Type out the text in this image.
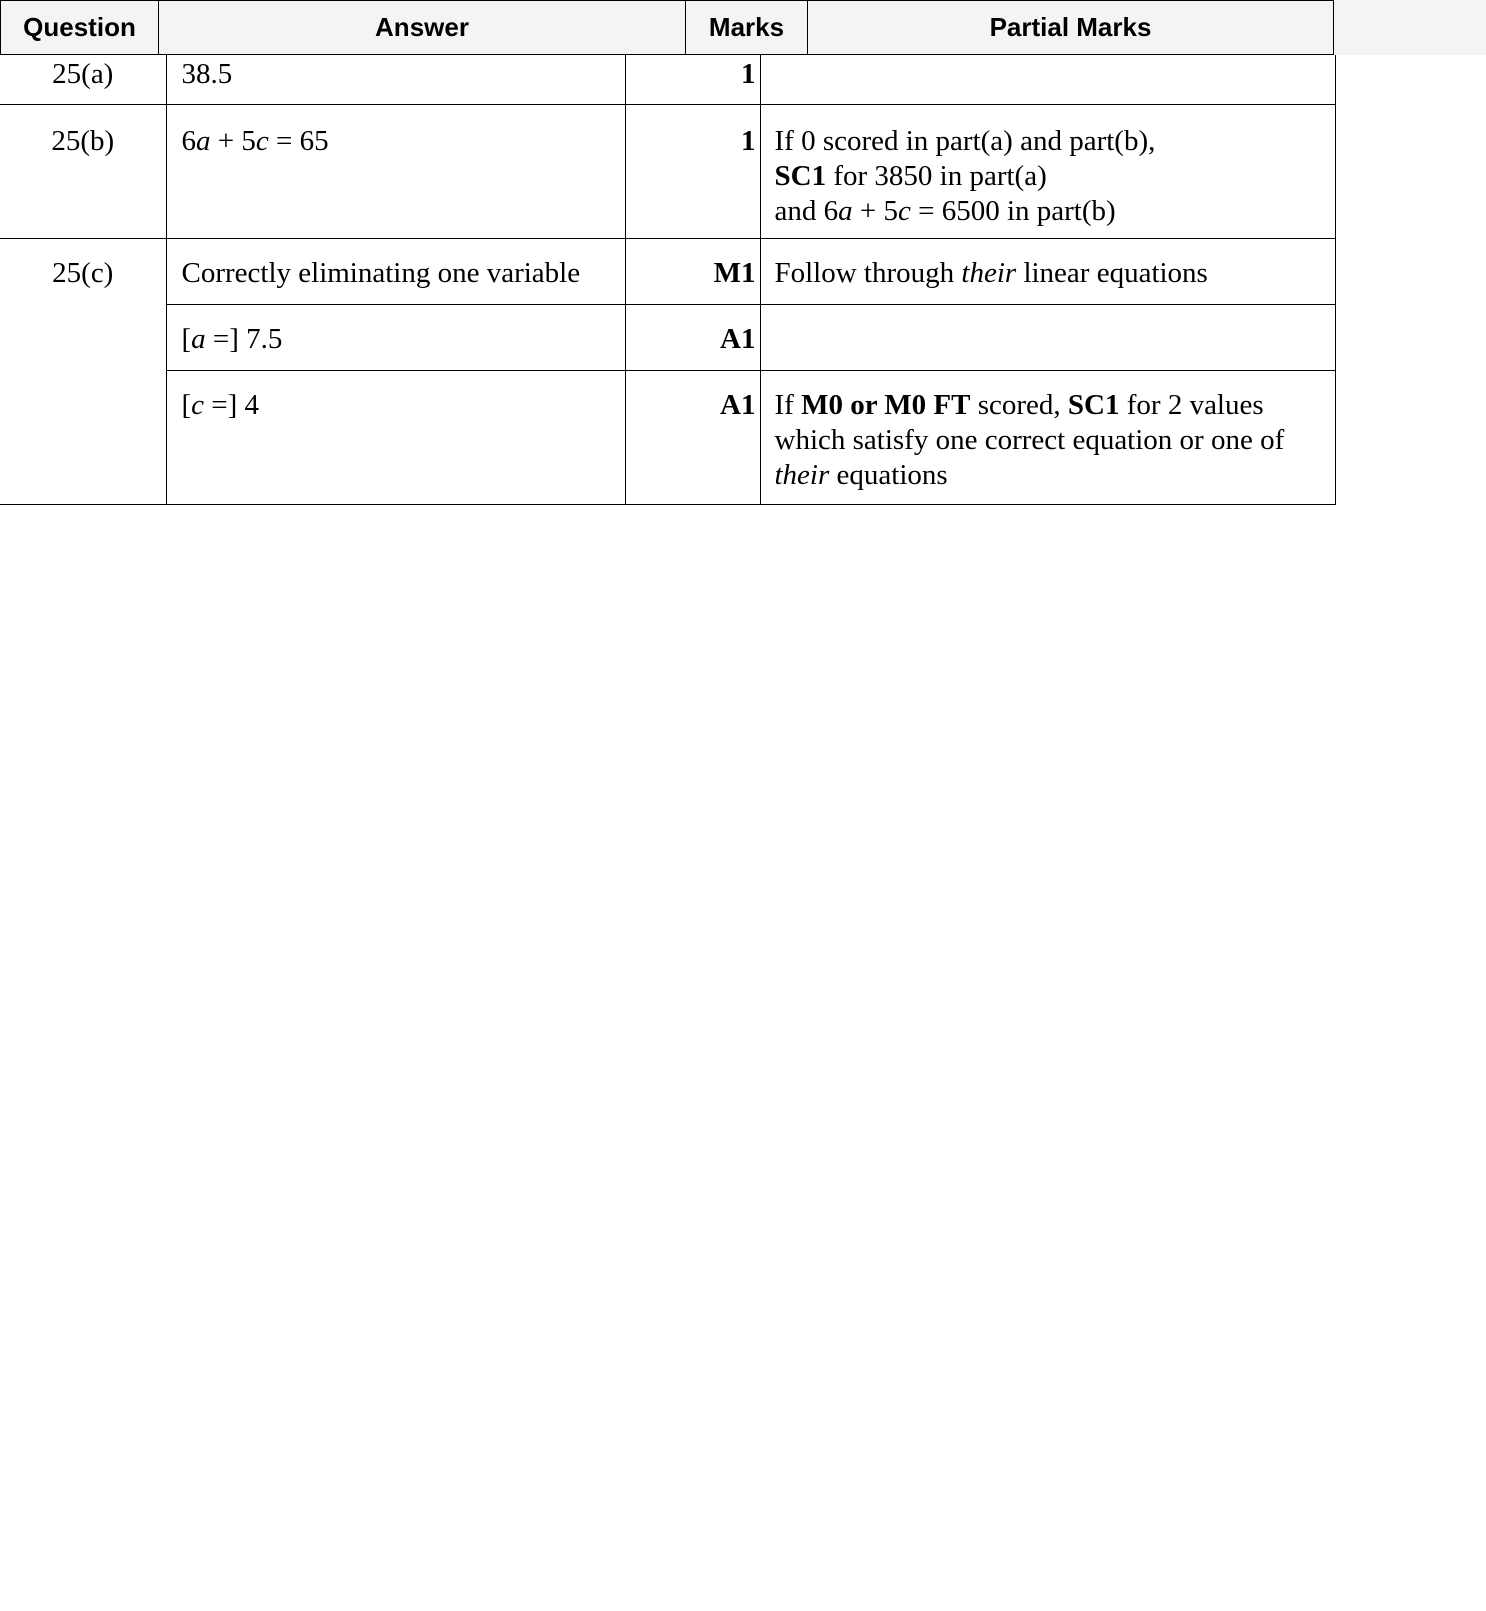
Question	Answer	Marks	Partial Marks
25(a)	38.5	1		
25(b)	6a + 5c = 65	1	If 0 scored in part(a) and part(b),
SC1 for 3850 in part(a)
and 6a + 5c = 6500 in part(b)	

25(c)	Correctly eliminating one variable	M1	Follow through their linear equations	
	[a =] 7.5	A1		
	[c =] 4	A1	If M0 or M0 FT scored, SC1 for 2 values which satisfy one correct equation or one of their equations	
